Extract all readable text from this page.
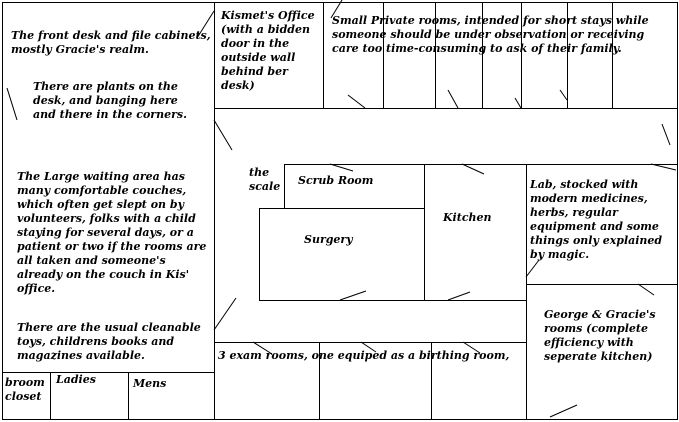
The front desk and file cabinets,
mostly Gracie's realm.
Kismet's Office
(with a bidden
door in the
outside wall
behind ber
desk)
Small Private rooms, intended for short stays while
someone should be under observation or receiving
care too time-consuming to ask of their family.
There are plants on the
desk, and banging here
and there in the corners.
The Large waiting area has
many comfortable couches,
which often get slept on by
volunteers, folks with a child
staying for several days, or a
patient or two if the rooms are
all taken and someone's
already on the couch in Kis'
office.
There are the usual cleanable
toys, childrens books and
magazines available.
the
scale Scrub Room
Surgery
Kitchen
Lab, stocked with
modern medicines,
herbs, regular
equipment and some
things only explained
by magic.
George & Gracie's
rooms (complete
efficiency with
seperate kitchen)
3 exam rooms, one equiped as a birthing room,
broom
closet
Ladies	Mens
